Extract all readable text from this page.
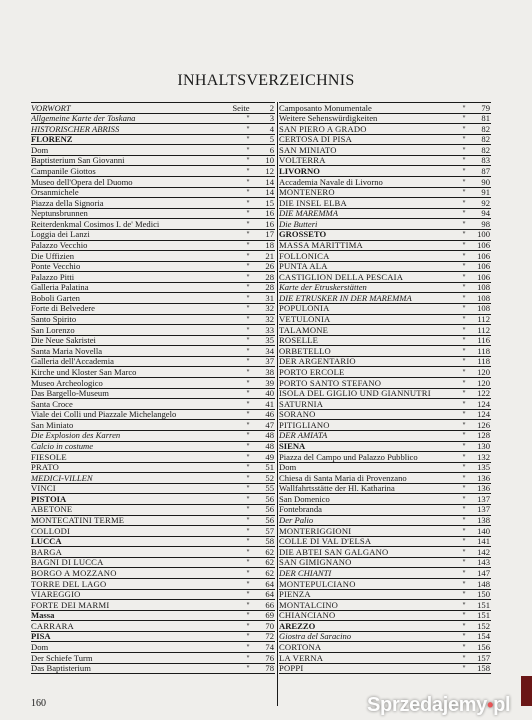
INHALTSVERZEICHNIS
VORWORT	Seite	2
Allgemeine Karte der Toskana	''	3
HISTORISCHER ABRISS	''	4
FLORENZ	''	5
Dom	''	6
Baptisterium San Giovanni	''	10
Campanile Giottos	''	12
Museo dell'Opera del Duomo	''	14
Orsanmichele	''	14
Piazza della Signoria	''	15
Neptunsbrunnen	''	16
Reiterdenkmal Cosimos I. de' Medici	''	16
Loggia dei Lanzi	''	17
Palazzo Vecchio	''	18
Die Uffizien	''	21
Ponte Vecchio	''	26
Palazzo Pitti	''	28
Galleria Palatina	''	28
Boboli Garten	''	31
Forte di Belvedere	''	32
Santo Spirito	''	32
San Lorenzo	''	33
Die Neue Sakristei	''	35
Santa Maria Novella	''	34
Galleria dell'Accademia	''	37
Kirche und Kloster San Marco	''	38
Museo Archeologico	''	39
Das Bargello-Museum	''	40
Santa Croce	''	41
Viale dei Colli und Piazzale Michelangelo	''	46
San Miniato	''	47
Die Explosion des Karren	''	48
Calcio in costume	''	48
FIESOLE	''	49
PRATO	''	51
MEDICI-VILLEN	''	52
VINCI	''	55
PISTOIA	''	56
ABETONE	''	56
MONTECATINI TERME	''	56
COLLODI	''	57
LUCCA	''	58
BARGA	''	62
BAGNI DI LUCCA	''	62
BORGO A MOZZANO	''	62
TORRE DEL LAGO	''	64
VIAREGGIO	''	64
FORTE DEI MARMI	''	66
Massa	''	69
CARRARA	''	70
PISA	''	72
Dom	''	74
Der Schiefe Turm	''	76
Das Baptisterium	''	78
Camposanto Monumentale	''	79
Weitere Sehenswürdigkeiten	''	81
SAN PIERO A GRADO	''	82
CERTOSA DI PISA	''	82
SAN MINIATO	''	82
VOLTERRA	''	83
LIVORNO	''	87
Accademia Navale di Livorno	''	90
MONTENERO	''	91
DIE INSEL ELBA	''	92
DIE MAREMMA	''	94
Die Butteri	''	98
GROSSETO	''	100
MASSA MARITTIMA	''	106
FOLLONICA	''	106
PUNTA ALA	''	106
CASTIGLION DELLA PESCAIA	''	106
Karte der Etruskerstätten	''	108
DIE ETRUSKER IN DER MAREMMA	''	108
POPULONIA	''	108
VETULONIA	''	112
TALAMONE	''	112
ROSELLE	''	116
ORBETELLO	''	118
DER ARGENTARIO	''	118
PORTO ERCOLE	''	120
PORTO SANTO STEFANO	''	120
ISOLA DEL GIGLIO UND GIANNUTRI	''	122
SATURNIA	''	124
SORANO	''	124
PITIGLIANO	''	126
DER AMIATA	''	128
SIENA	''	130
Piazza del Campo und Palazzo Pubblico	''	132
Dom	''	135
Chiesa di Santa Maria di Provenzano	''	136
Wallfahrtsstätte der Hl. Katharina	''	136
San Domenico	''	137
Fontebranda	''	137
Der Palio	''	138
MONTERIGGIONI	''	140
COLLE DI VAL D'ELSA	''	141
DIE ABTEI SAN GALGANO	''	142
SAN GIMIGNANO	''	143
DER CHIANTI	''	147
MONTEPULCIANO	''	148
PIENZA	''	150
MONTALCINO	''	151
CHIANCIANO	''	151
AREZZO	''	152
Giostra del Saracino	''	154
CORTONA	''	156
LA VERNA	''	157
POPPI	''	158
160	Sprzedajemy•pl
